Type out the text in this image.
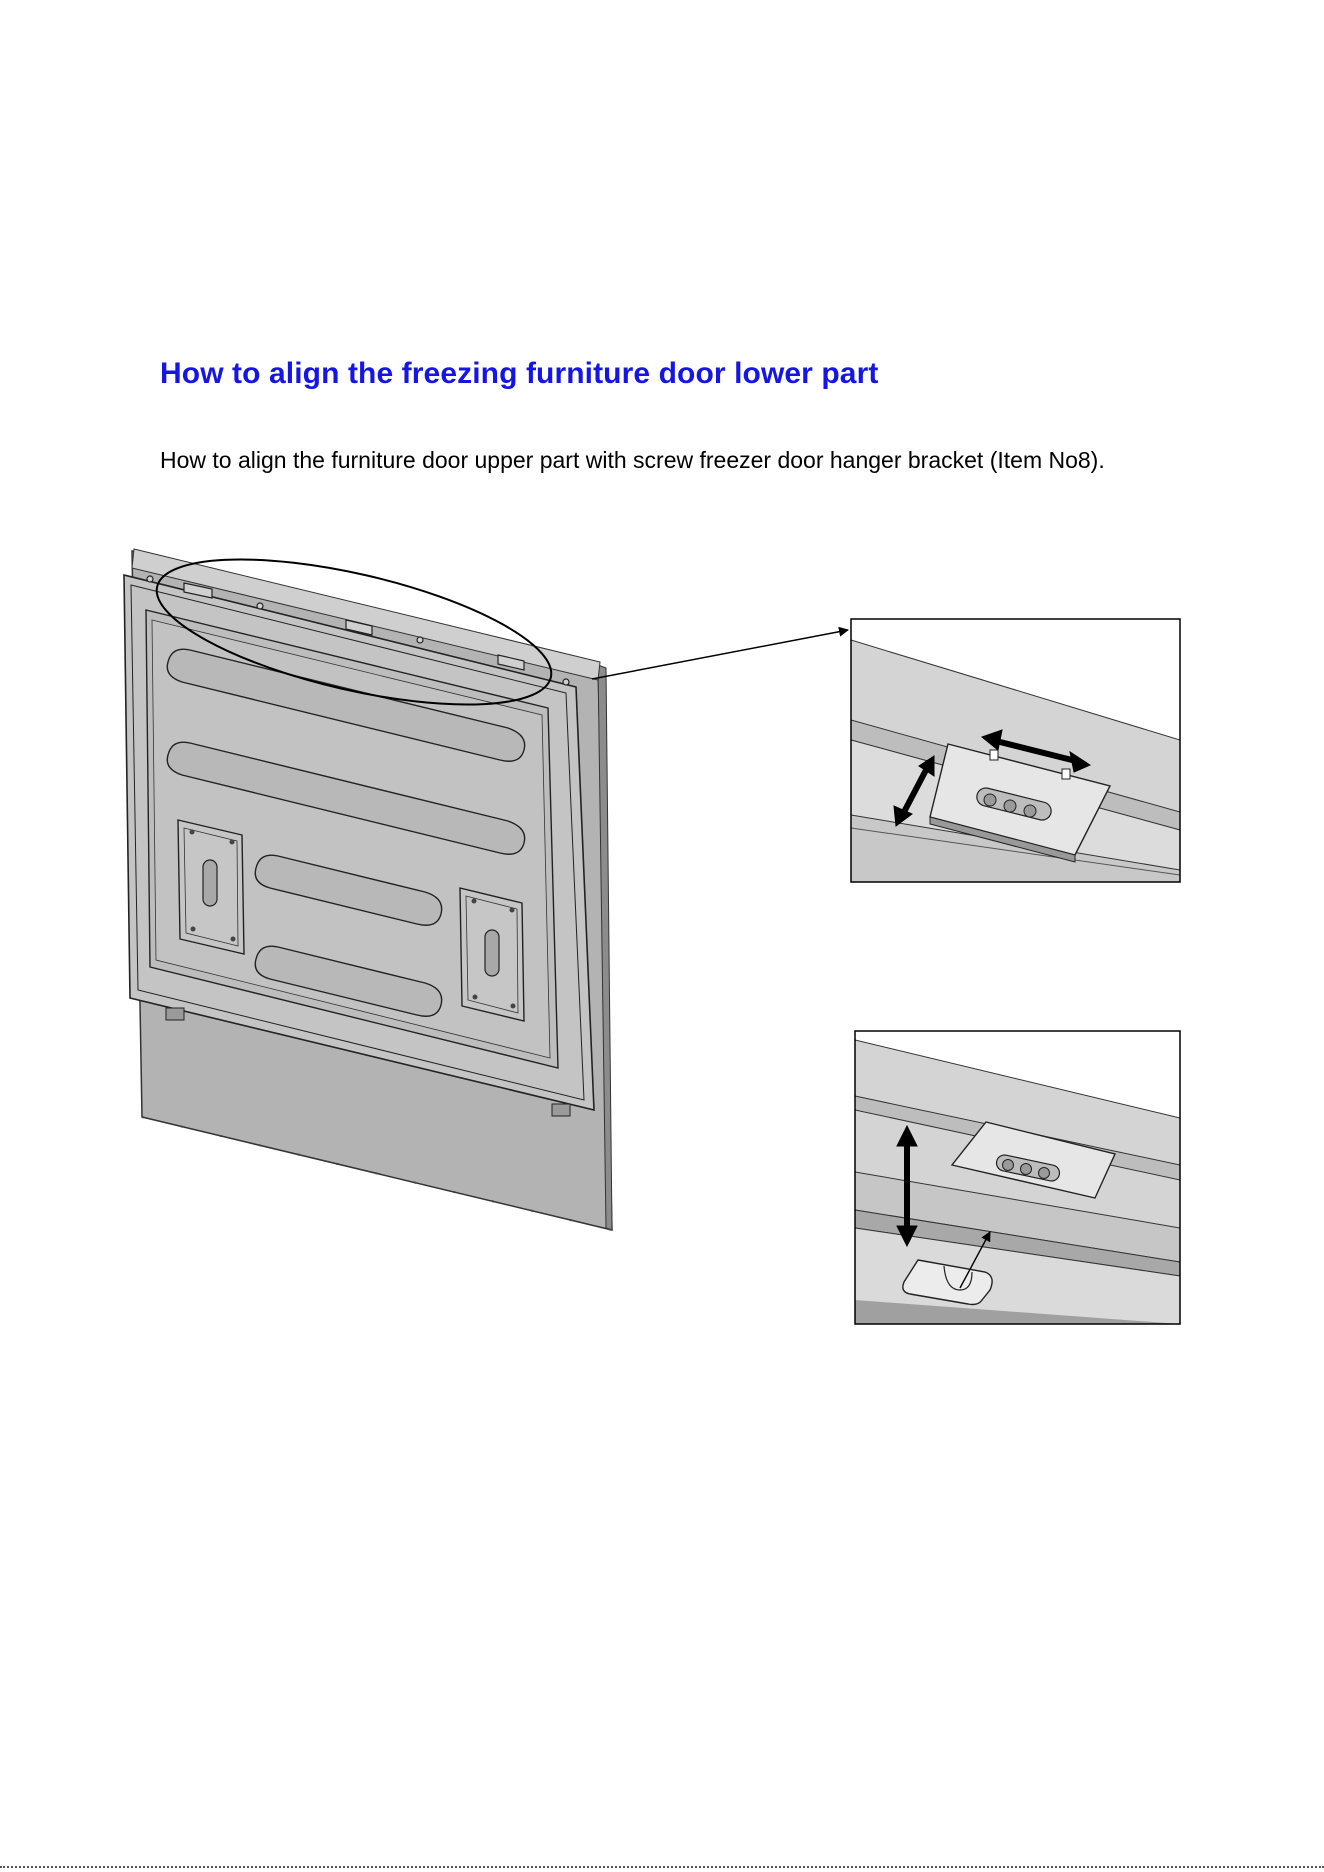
How to align the freezing furniture door lower part

How to align the furniture door upper part with screw freezer door hanger bracket (Item No8).
